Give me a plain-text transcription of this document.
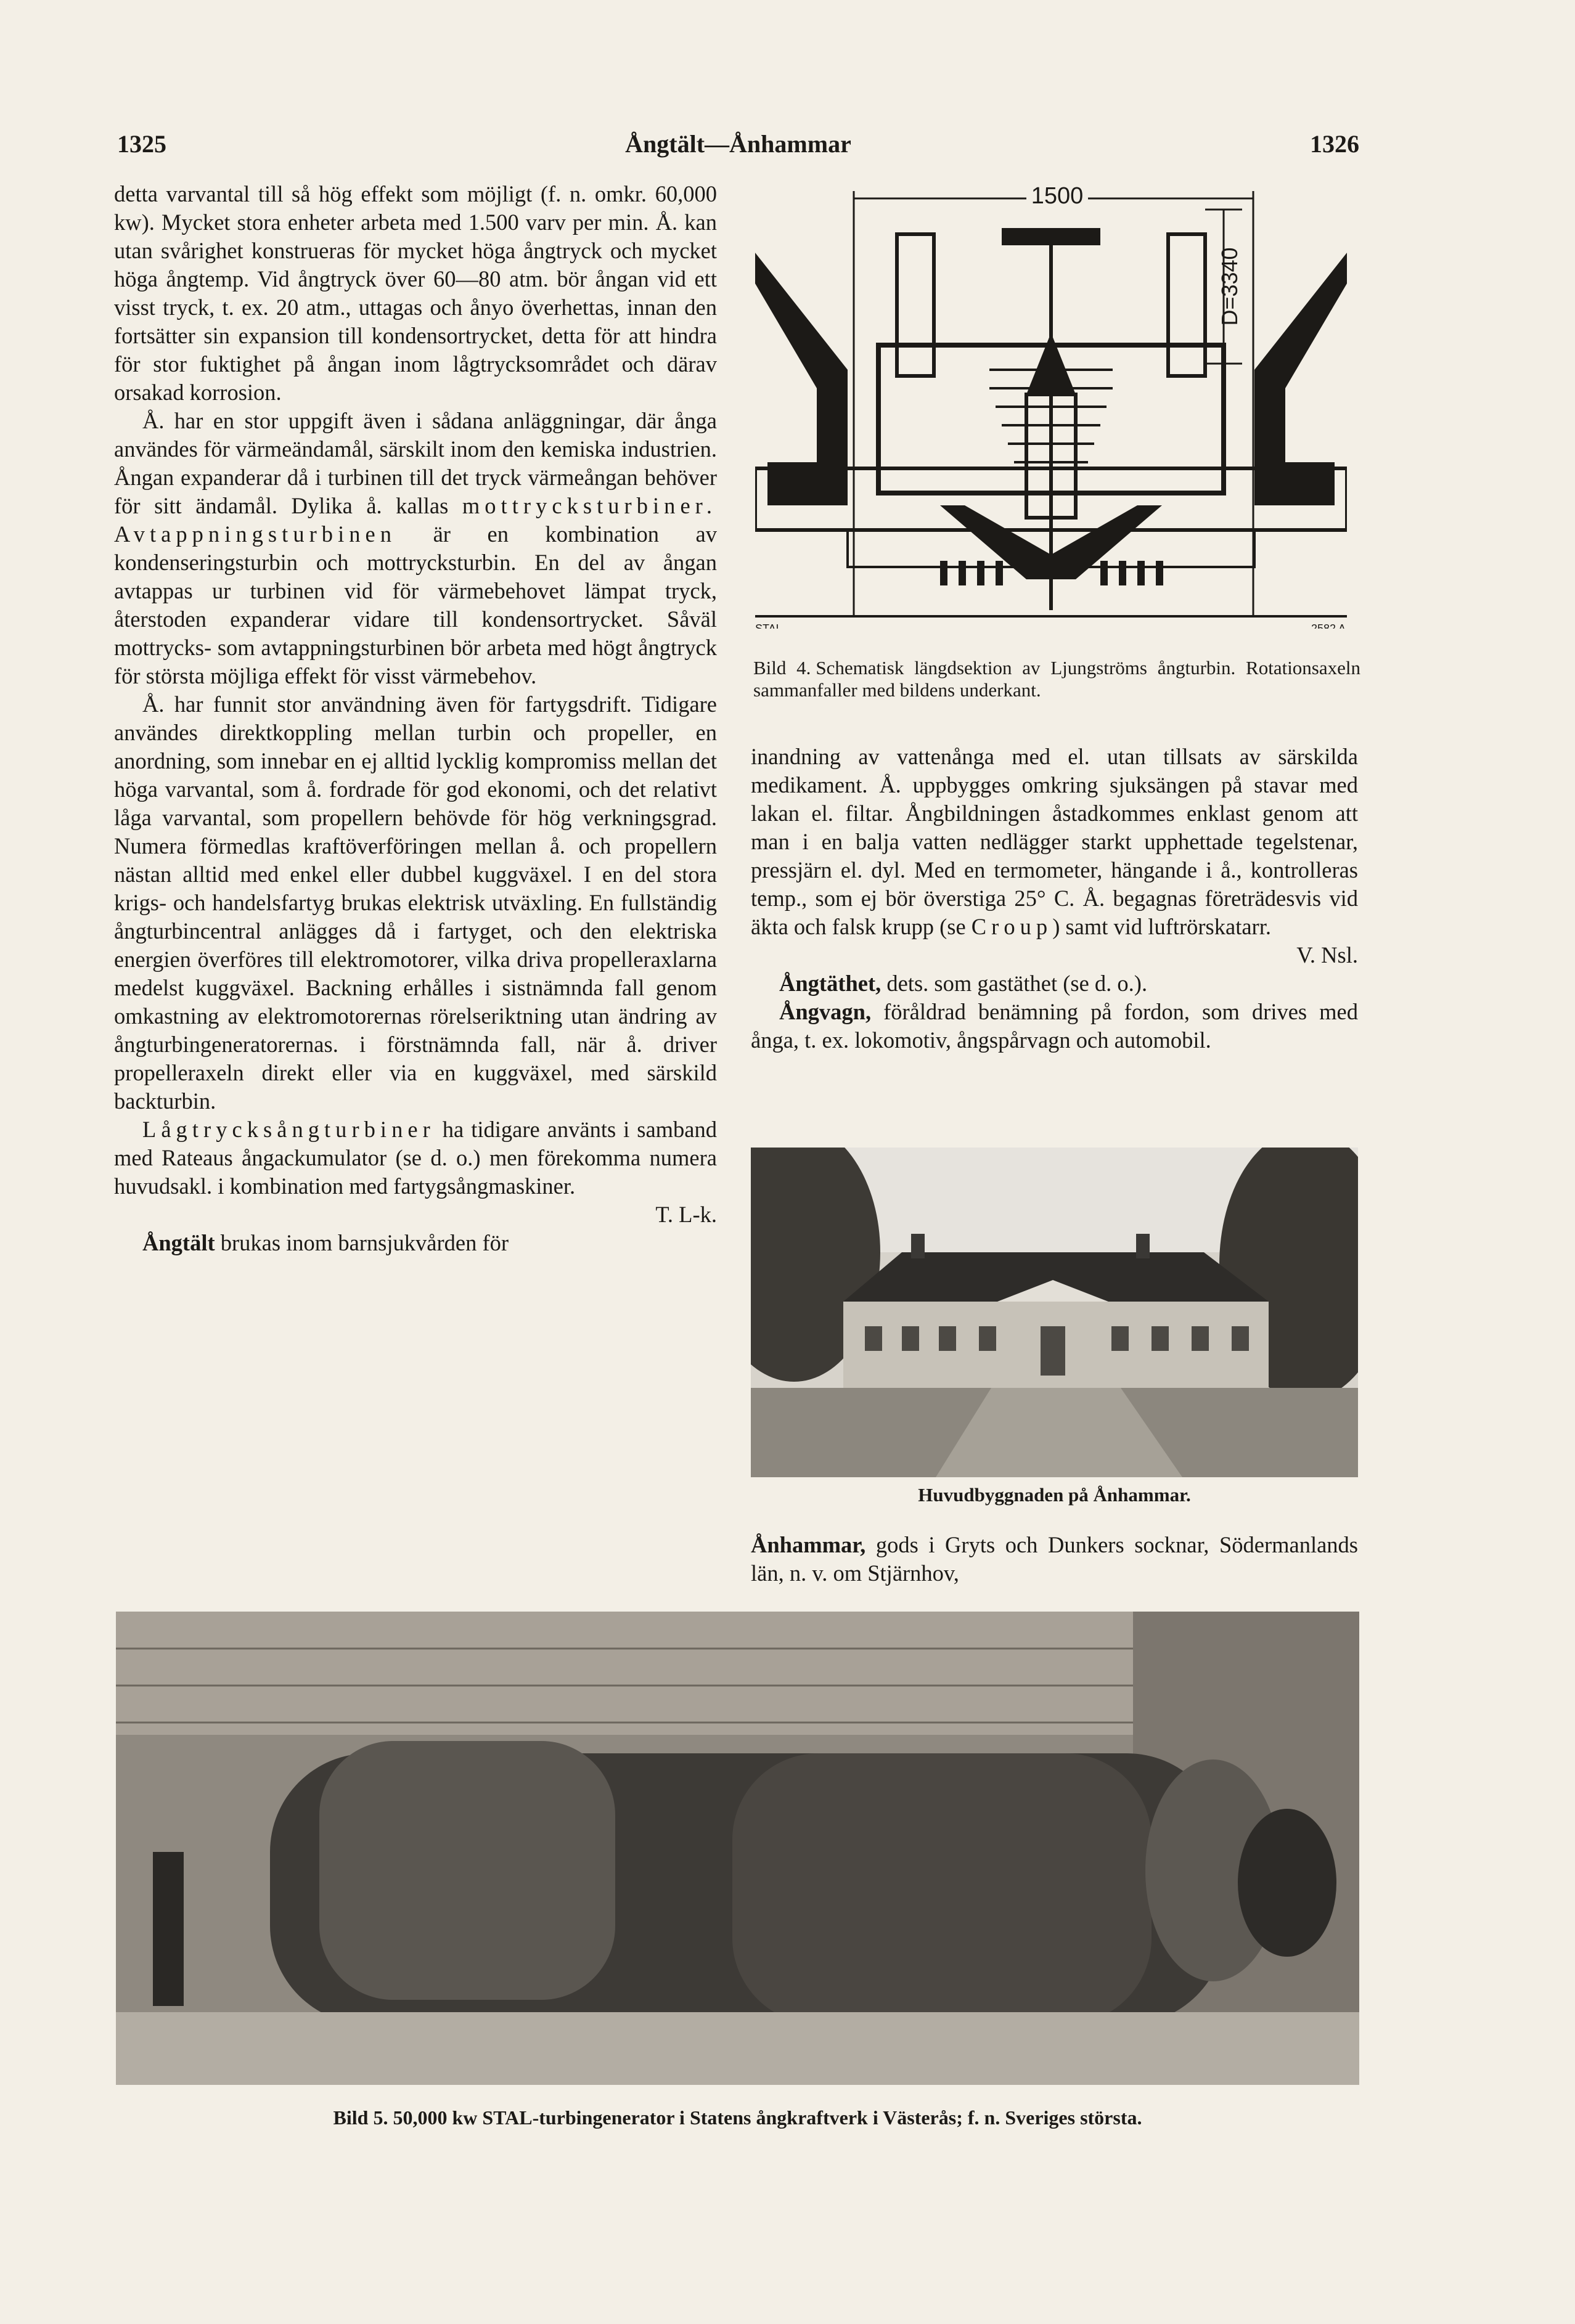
1325	Ångtält—Ånhammar	1326

detta varvantal till så hög effekt som möjligt (f. n. omkr. 60,000 kw). Mycket stora enheter arbeta med 1.500 varv per min. Å. kan utan svårighet konstrueras för mycket höga ångtryck och mycket höga ångtemp. Vid ångtryck över 60—80 atm. bör ångan vid ett visst tryck, t. ex. 20 atm., uttagas och ånyo överhettas, innan den fortsätter sin expansion till kondensortrycket, detta för att hindra för stor fuktighet på ångan inom lågtrycksområdet och därav orsakad korrosion.

Å. har en stor uppgift även i sådana anläggningar, där ånga användes för värmeändamål, särskilt inom den kemiska industrien. Ångan expanderar då i turbinen till det tryck värmeångan behöver för sitt ändamål. Dylika å. kallas mottrycksturbiner. Avtappningsturbinen är en kombination av kondenseringsturbin och mottrycksturbin. En del av ångan avtappas ur turbinen vid för värmebehovet lämpat tryck, återstoden expanderar vidare till kondensortrycket. Såväl mottrycks- som avtappningsturbinen bör arbeta med högt ångtryck för största möjliga effekt för visst värmebehov.

Å. har funnit stor användning även för fartygsdrift. Tidigare användes direktkoppling mellan turbin och propeller, en anordning, som innebar en ej alltid lycklig kompromiss mellan det höga varvantal, som å. fordrade för god ekonomi, och det relativt låga varvantal, som propellern behövde för hög verkningsgrad. Numera förmedlas kraftöverföringen mellan å. och propellern nästan alltid med enkel eller dubbel kuggväxel. I en del stora krigs- och handelsfartyg brukas elektrisk utväxling. En fullständig ångturbincentral anlägges då i fartyget, och den elektriska energien överföres till elektromotorer, vilka driva propelleraxlarna medelst kuggväxel. Backning erhålles i sistnämnda fall genom omkastning av elektromotorernas rörelseriktning utan ändring av ångturbingeneratorernas. i förstnämnda fall, när å. driver propelleraxeln direkt eller via en kuggväxel, med särskild backturbin.

Lågtrycksångturbiner ha tidigare använts i samband med Rateaus ångackumulator (se d. o.) men förekomma numera huvudsakl. i kombination med fartygsångmaskiner.
T. L-k.

Ångtält brukas inom barnsjukvården för

1500
D=3340
STAL	2582 A
Bild 4. Schematisk längdsektion av Ljungströms ångturbin. Rotationsaxeln sammanfaller med bildens underkant.

inandning av vattenånga med el. utan tillsats av särskilda medikament. Å. uppbygges omkring sjuksängen på stavar med lakan el. filtar. Ångbildningen åstadkommes enklast genom att man i en balja vatten nedlägger starkt upphettade tegelstenar, pressjärn el. dyl. Med en termometer, hängande i å., kontrolleras temp., som ej bör överstiga 25° C. Å. begagnas företrädesvis vid äkta och falsk krupp (se Croup) samt vid luftrörskatarr.
V. Nsl.

Ångtäthet, dets. som gastäthet (se d. o.).

Ångvagn, föråldrad benämning på fordon, som drives med ånga, t. ex. lokomotiv, ångspårvagn och automobil.

Huvudbyggnaden på Ånhammar.

Ånhammar, gods i Gryts och Dunkers socknar, Södermanlands län, n. v. om Stjärnhov,

Bild 5. 50,000 kw STAL-turbingenerator i Statens ångkraftverk i Västerås; f. n. Sveriges största.
